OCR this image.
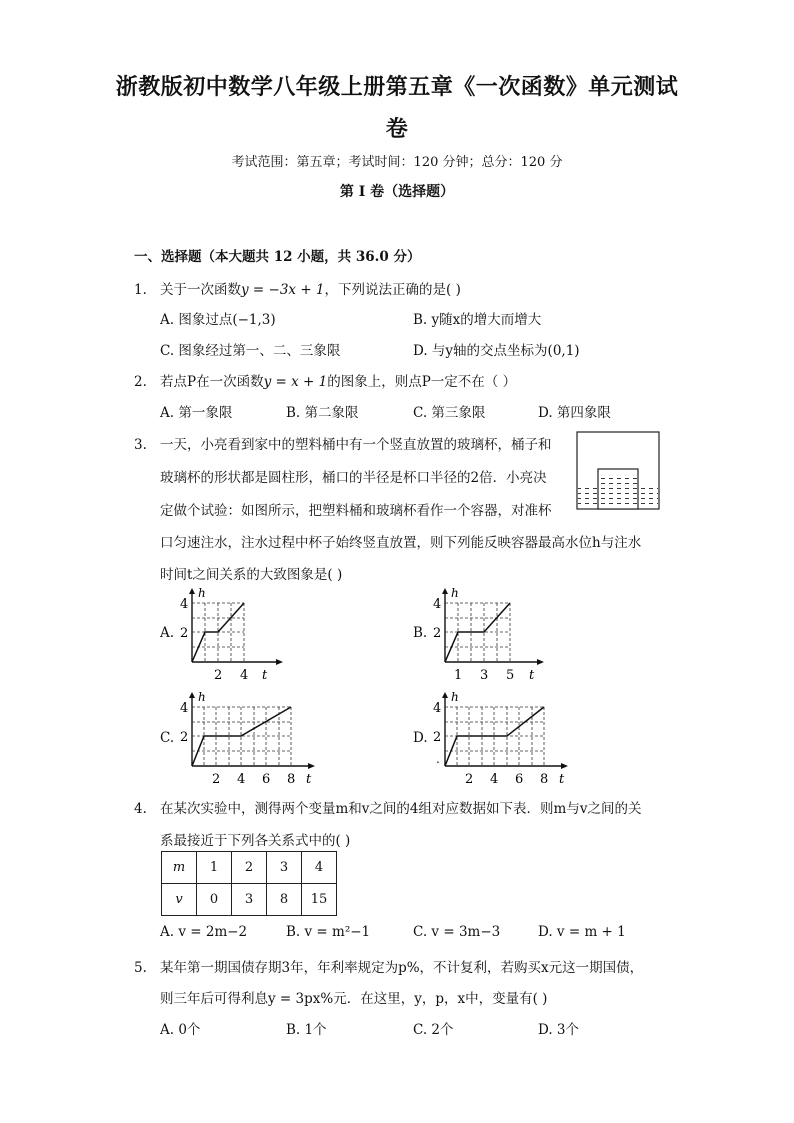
浙教版初中数学八年级上册第五章《一次函数》单元测试
卷
考试范围：第五章；考试时间：120 分钟；总分：120 分
第 I 卷（选择题）
一、选择题（本大题共 12 小题，共 36.0 分）
1. 关于一次函数y = −3x + 1，下列说法正确的是( )
A. 图象过点(−1,3)	B. y随x的增大而增大
C. 图象经过第一、二、三象限	D. 与y轴的交点坐标为(0,1)
2. 若点P在一次函数y = x + 1的图象上，则点P一定不在（ ）
A. 第一象限	B. 第二象限	C. 第三象限	D. 第四象限
3. 一天，小亮看到家中的塑料桶中有一个竖直放置的玻璃杯，桶子和
玻璃杯的形状都是圆柱形，桶口的半径是杯口半径的2倍．小亮决
定做个试验：如图所示，把塑料桶和玻璃杯看作一个容器，对准杯
口匀速注水，注水过程中杯子始终竖直放置，则下列能反映容器最高水位h与注水
时间t之间关系的大致图象是( )
A.
h
4
2
2 4 t
B.
h
4
2
1 3 5 t
C.
h
4
2
2 4 6 8 t
D.
.
h
4
2
2 4 6 8 t
4. 在某次实验中，测得两个变量m和v之间的4组对应数据如下表．则m与v之间的关
系最接近于下列各关系式中的( )
m	1	2	3	4
v	0	3	8	15
A. v = 2m−2	B. v = m²−1	C. v = 3m−3	D. v = m + 1
5. 某年第一期国债存期3年，年利率规定为p%，不计复利，若购买x元这一期国债，
则三年后可得利息y = 3px%元．在这里，y，p，x中，变量有( )
A. 0个	B. 1个	C. 2个	D. 3个
